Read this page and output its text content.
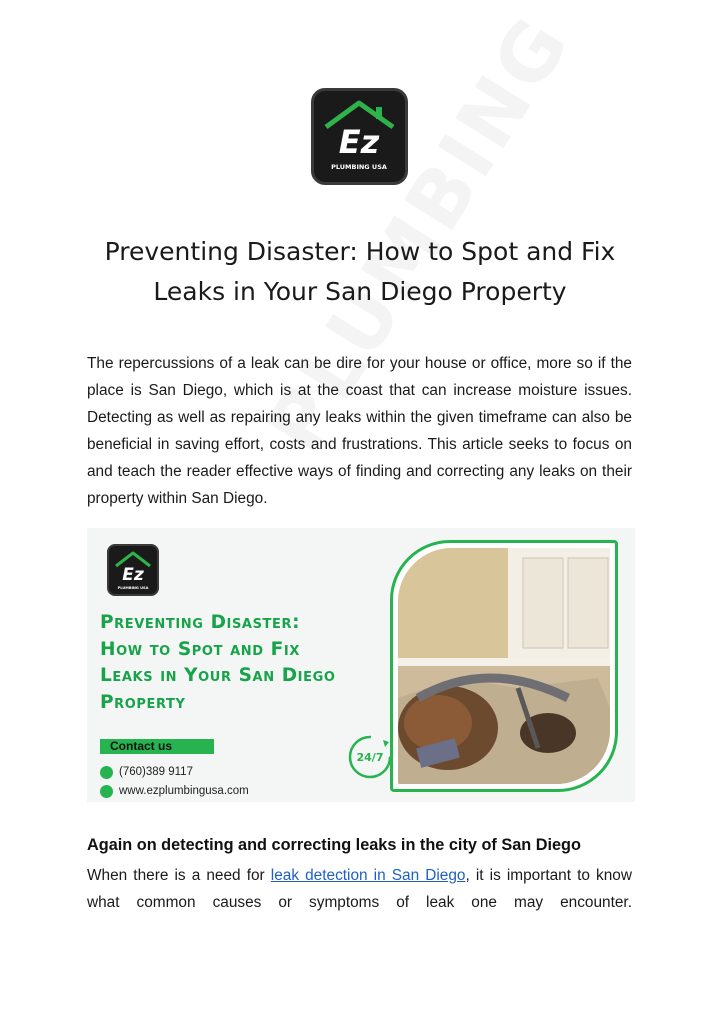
Ez
PLUMBING USA
Preventing Disaster: How to Spot and Fix
Leaks in Your San Diego Property

The repercussions of a leak can be dire for your house or office, more so if the place is San Diego, which is at the coast that can increase moisture issues. Detecting as well as repairing any leaks within the given timeframe can also be beneficial in saving effort, costs and frustrations. This article seeks to focus on and teach the reader effective ways of finding and correcting any leaks on their property within San Diego.

Ez
PLUMBING USA
Preventing Disaster:
How to Spot and Fix
Leaks in Your San Diego
Property
Contact us
(760)389 9117
www.ezplumbingusa.com
24/7
Again on detecting and correcting leaks in the city of San Diego

When there is a need for leak detection in San Diego, it is important to know what common causes or symptoms of leak one may encounter.
